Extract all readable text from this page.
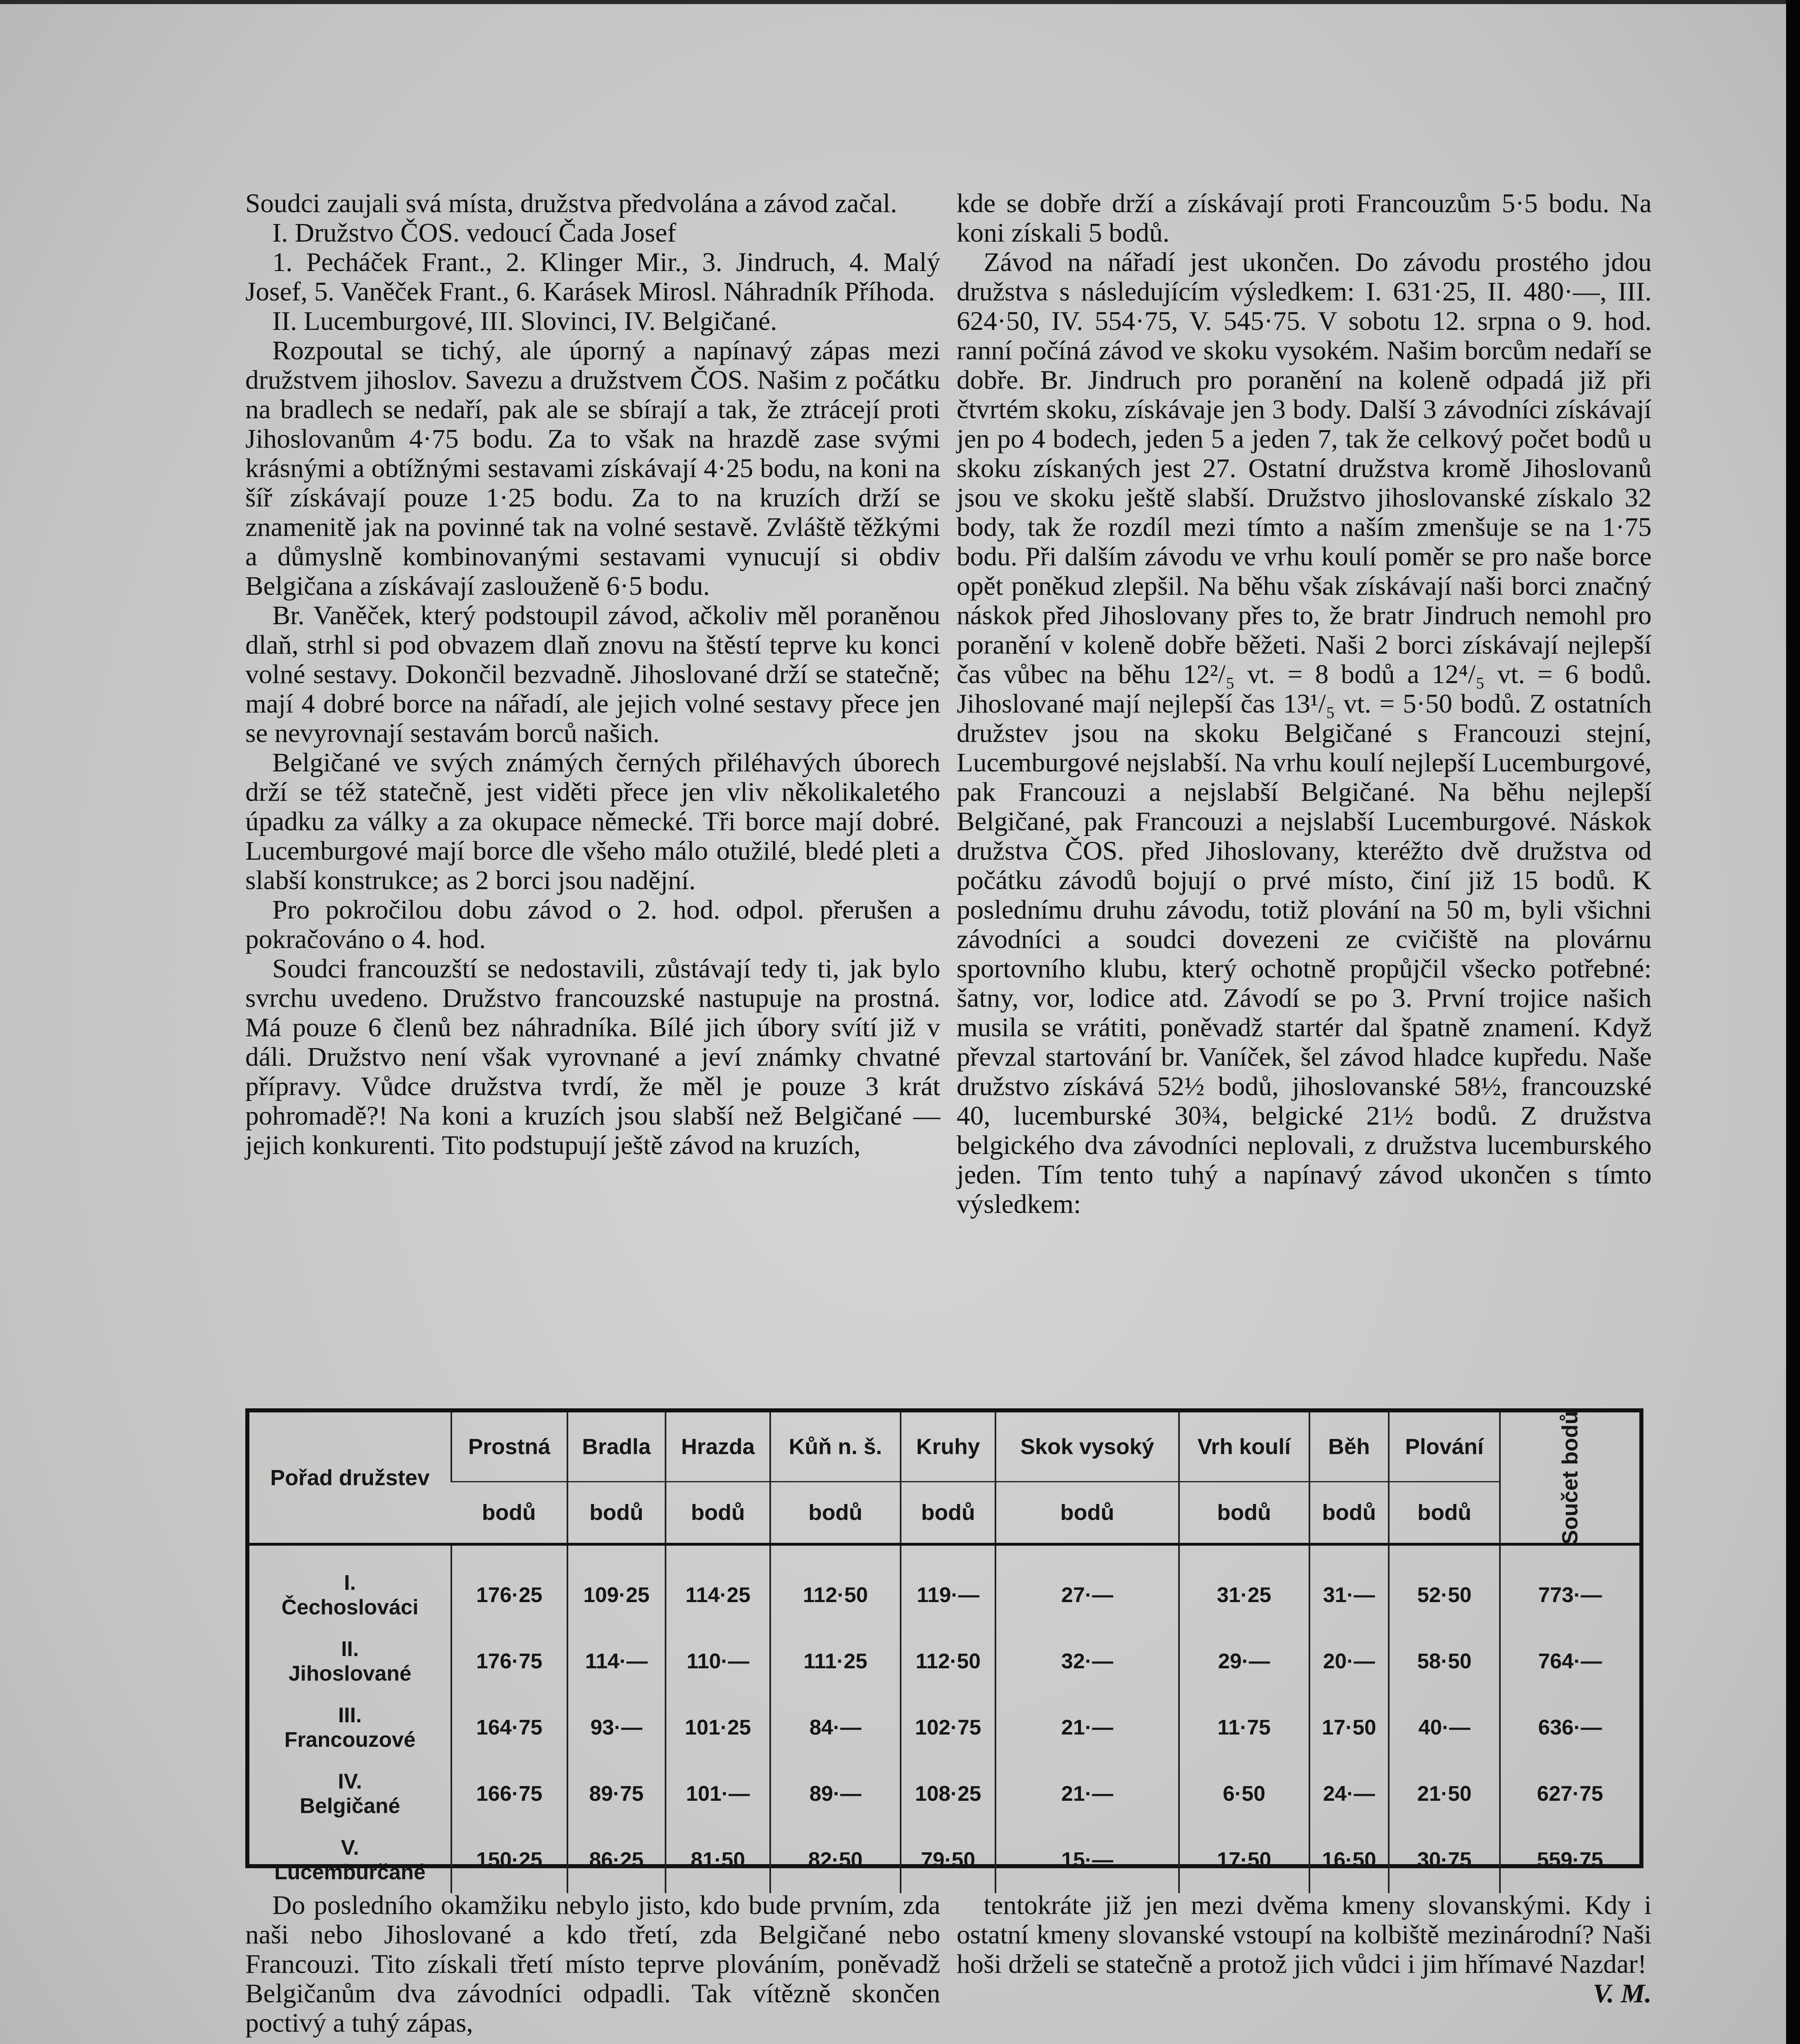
Soudci zaujali svá místa, družstva předvolána a závod začal.

I. Družstvo ČOS. vedoucí Čada Josef

1. Pecháček Frant., 2. Klinger Mir., 3. Jindruch, 4. Malý Josef, 5. Vaněček Frant., 6. Karásek Mirosl. Náhradník Příhoda.

II. Lucemburgové, III. Slovinci, IV. Belgičané.

Rozpoutal se tichý, ale úporný a napínavý zápas mezi družstvem jihoslov. Savezu a družstvem ČOS. Našim z počátku na bradlech se nedaří, pak ale se sbírají a tak, že ztrácejí proti Jihoslovanům 4·75 bodu. Za to však na hrazdě zase svými krásnými a obtížnými sestavami získávají 4·25 bodu, na koni na šíř získávají pouze 1·25 bodu. Za to na kruzích drží se znamenitě jak na povinné tak na volné sestavě. Zvláště těžkými a důmyslně kombinovanými sestavami vynucují si obdiv Belgičana a získávají zaslouženě 6·5 bodu.

Br. Vaněček, který podstoupil závod, ačkoliv měl poraněnou dlaň, strhl si pod obvazem dlaň znovu na štěstí teprve ku konci volné sestavy. Dokončil bezvadně. Jihoslované drží se statečně; mají 4 dobré borce na nářadí, ale jejich volné sestavy přece jen se nevyrovnají sestavám borců našich.

Belgičané ve svých známých černých přiléhavých úborech drží se též statečně, jest viděti přece jen vliv několikaletého úpadku za války a za okupace německé. Tři borce mají dobré. Lucemburgové mají borce dle všeho málo otužilé, bledé pleti a slabší konstrukce; as 2 borci jsou nadějní.

Pro pokročilou dobu závod o 2. hod. odpol. přerušen a pokračováno o 4. hod.

Soudci francouzští se nedostavili, zůstávají tedy ti, jak bylo svrchu uvedeno. Družstvo francouzské nastupuje na prostná. Má pouze 6 členů bez náhradníka. Bílé jich úbory svítí již v dáli. Družstvo není však vyrovnané a jeví známky chvatné přípravy. Vůdce družstva tvrdí, že měl je pouze 3 krát pohromadě?! Na koni a kruzích jsou slabší než Belgičané — jejich konkurenti. Tito podstupují ještě závod na kruzích,

kde se dobře drží a získávají proti Francouzům 5·5 bodu. Na koni získali 5 bodů.

Závod na nářadí jest ukončen. Do závodu prostého jdou družstva s následujícím výsledkem: I. 631·25, II. 480·—, III. 624·50, IV. 554·75, V. 545·75. V sobotu 12. srpna o 9. hod. ranní počíná závod ve skoku vysokém. Našim borcům nedaří se dobře. Br. Jindruch pro poranění na koleně odpadá již při čtvrtém skoku, získávaje jen 3 body. Další 3 závodníci získávají jen po 4 bodech, jeden 5 a jeden 7, tak že celkový počet bodů u skoku získaných jest 27. Ostatní družstva kromě Jihoslovanů jsou ve skoku ještě slabší. Družstvo jihoslovanské získalo 32 body, tak že rozdíl mezi tímto a naším zmenšuje se na 1·75 bodu. Při dalším závodu ve vrhu koulí poměr se pro naše borce opět poněkud zlepšil. Na běhu však získávají naši borci značný náskok před Jihoslovany přes to, že bratr Jindruch nemohl pro poranění v koleně dobře běžeti. Naši 2 borci získávají nejlepší čas vůbec na běhu 12²/₅ vt. = 8 bodů a 12⁴/₅ vt. = 6 bodů. Jihoslované mají nejlepší čas 13¹/₅ vt. = 5·50 bodů. Z ostatních družstev jsou na skoku Belgičané s Francouzi stejní, Lucemburgové nejslabší. Na vrhu koulí nejlepší Lucemburgové, pak Francouzi a nejslabší Belgičané. Na běhu nejlepší Belgičané, pak Francouzi a nejslabší Lucemburgové. Náskok družstva ČOS. před Jihoslovany, kteréžto dvě družstva od počátku závodů bojují o prvé místo, činí již 15 bodů. K poslednímu druhu závodu, totiž plování na 50 m, byli všichni závodníci a soudci dovezeni ze cvičiště na plovárnu sportovního klubu, který ochotně propůjčil všecko potřebné: šatny, vor, lodice atd. Závodí se po 3. První trojice našich musila se vrátiti, poněvadž startér dal špatně znamení. Když převzal startování br. Vaníček, šel závod hladce kupředu. Naše družstvo získává 52½ bodů, jihoslovanské 58½, francouzské 40, lucemburské 30¾, belgické 21½ bodů. Z družstva belgického dva závodníci neplovali, z družstva lucemburského jeden. Tím tento tuhý a napínavý závod ukončen s tímto výsledkem:

Pořad družstev	Prostná	Bradla	Hrazda	Kůň n. š.	Kruhy	Skok vysoký	Vrh koulí	Běh	Plování	Součet bodů
	bodů	bodů	bodů	bodů	bodů	bodů	bodů	bodů	bodů	

I.
Čechoslováci	176·25	109·25	114·25	112·50	119·—	27·—	31·25	31·—	52·50	773·—

II.
Jihoslované	176·75	114·—	110·—	111·25	112·50	32·—	29·—	20·—	58·50	764·—

III.
Francouzové	164·75	93·—	101·25	84·—	102·75	21·—	11·75	17·50	40·—	636·—

IV.
Belgičané	166·75	89·75	101·—	89·—	108·25	21·—	6·50	24·—	21·50	627·75

V.
Lucemburčané	150·25	86·25	81·50	82·50	79·50	15·—	17·50	16·50	30·75	559·75

Do posledního okamžiku nebylo jisto, kdo bude prvním, zda naši nebo Jihoslované a kdo třetí, zda Belgičané nebo Francouzi. Tito získali třetí místo teprve plováním, poněvadž Belgičanům dva závodníci odpadli. Tak vítězně skončen poctivý a tuhý zápas,

tentokráte již jen mezi dvěma kmeny slovanskými. Kdy i ostatní kmeny slovanské vstoupí na kolbiště mezinárodní? Naši hoši drželi se statečně a protož jich vůdci i jim hřímavé Nazdar!
V. M.
